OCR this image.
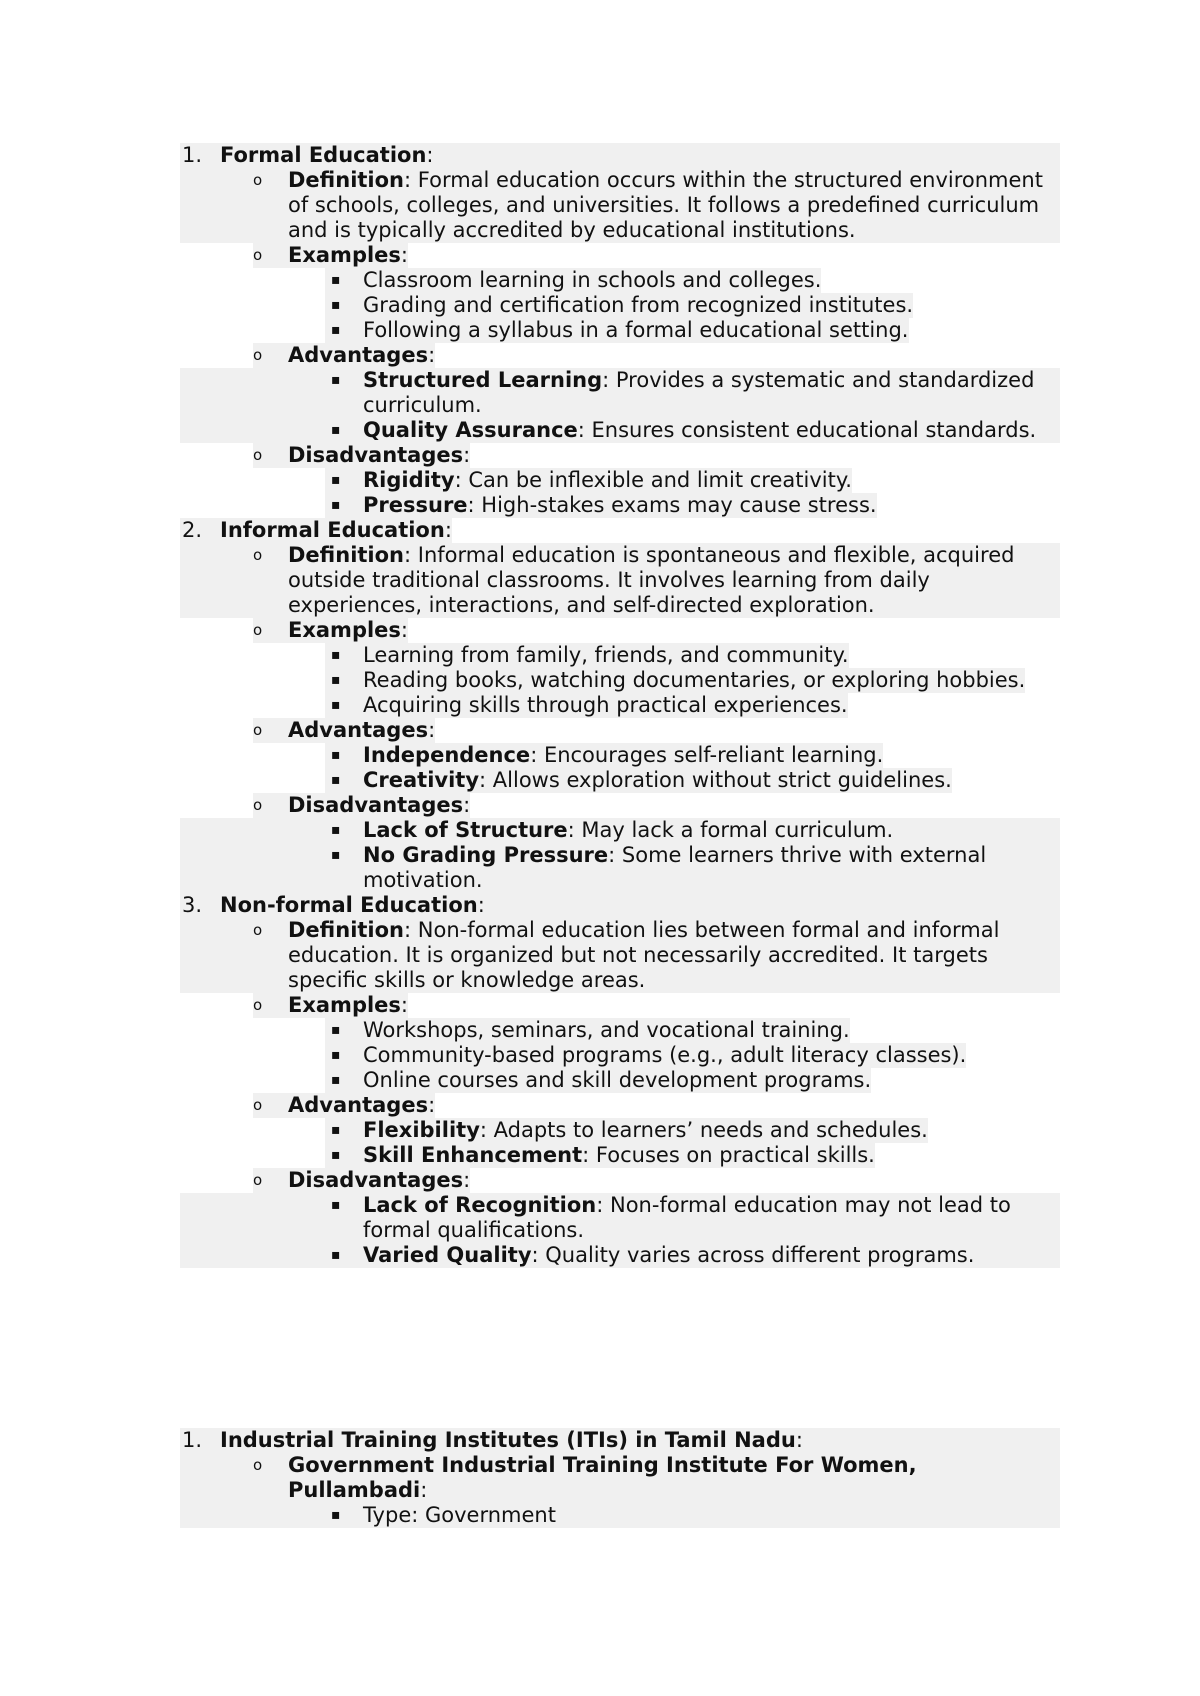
1. Formal Education:
o	Definition: Formal education occurs within the structured environment
of schools, colleges, and universities. It follows a predefined curriculum
and is typically accredited by educational institutions.
o	Examples:
▪	Classroom learning in schools and colleges.
▪	Grading and certification from recognized institutes.
▪	Following a syllabus in a formal educational setting.
o	Advantages:
▪	Structured Learning: Provides a systematic and standardized
curriculum.
▪	Quality Assurance: Ensures consistent educational standards.
o	Disadvantages:
▪	Rigidity: Can be inflexible and limit creativity.
▪	Pressure: High-stakes exams may cause stress.
2. Informal Education:
o	Definition: Informal education is spontaneous and flexible, acquired
outside traditional classrooms. It involves learning from daily
experiences, interactions, and self-directed exploration.
o	Examples:
▪	Learning from family, friends, and community.
▪	Reading books, watching documentaries, or exploring hobbies.
▪	Acquiring skills through practical experiences.
o	Advantages:
▪	Independence: Encourages self-reliant learning.
▪	Creativity: Allows exploration without strict guidelines.
o	Disadvantages:
▪	Lack of Structure: May lack a formal curriculum.
▪	No Grading Pressure: Some learners thrive with external
motivation.
3. Non-formal Education:
o	Definition: Non-formal education lies between formal and informal
education. It is organized but not necessarily accredited. It targets
specific skills or knowledge areas.
o	Examples:
▪	Workshops, seminars, and vocational training.
▪	Community-based programs (e.g., adult literacy classes).
▪	Online courses and skill development programs.
o	Advantages:
▪	Flexibility: Adapts to learners’ needs and schedules.
▪	Skill Enhancement: Focuses on practical skills.
o	Disadvantages:
▪	Lack of Recognition: Non-formal education may not lead to
formal qualifications.
▪	Varied Quality: Quality varies across different programs.
1. Industrial Training Institutes (ITIs) in Tamil Nadu:
o	Government Industrial Training Institute For Women,
Pullambadi :
▪	Type: Government
